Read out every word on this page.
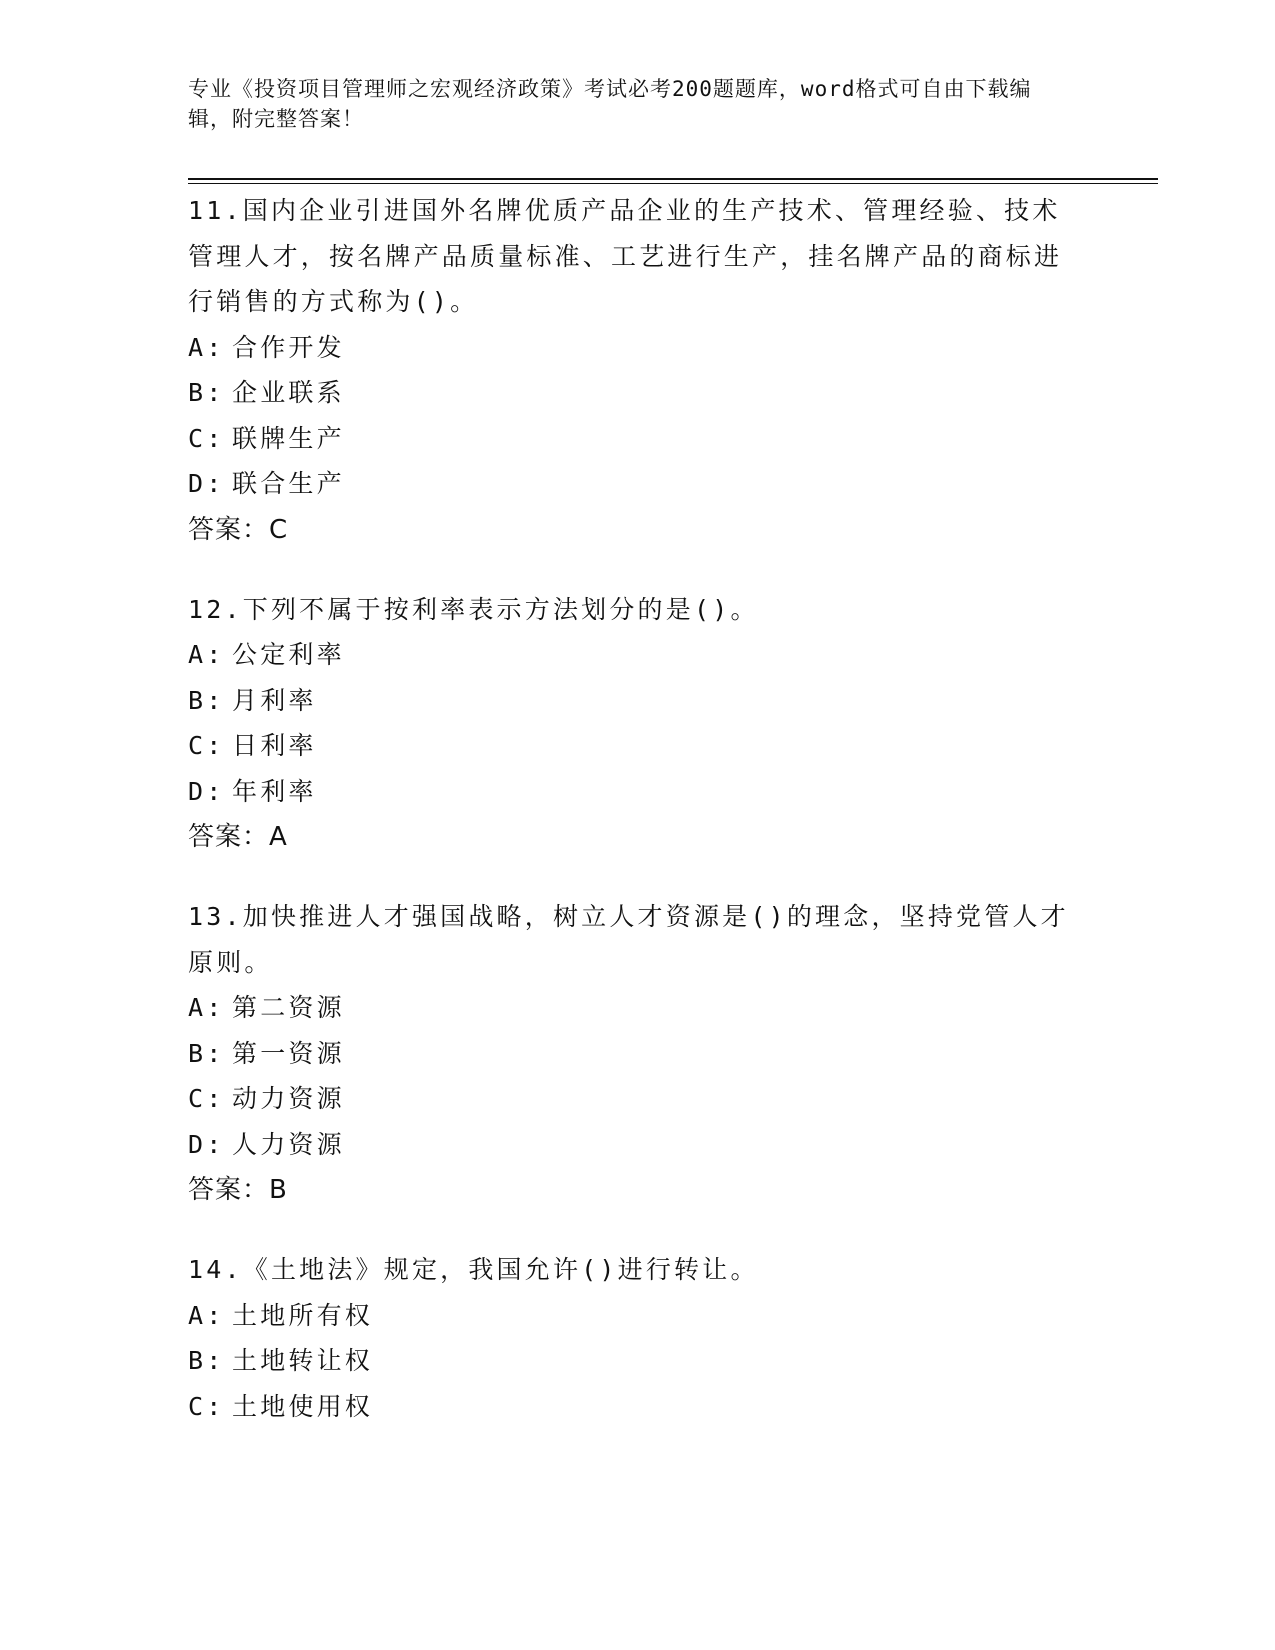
专业《投资项目管理师之宏观经济政策》考试必考200题题库，word格式可自由下载编辑，附完整答案！
11.国内企业引进国外名牌优质产品企业的生产技术、管理经验、技术管理人才，按名牌产品质量标准、工艺进行生产，挂名牌产品的商标进行销售的方式称为()。
A: 合作开发
B: 企业联系
C: 联牌生产
D: 联合生产
答案：C
12.下列不属于按利率表示方法划分的是()。
A: 公定利率
B: 月利率
C: 日利率
D: 年利率
答案：A
13.加快推进人才强国战略，树立人才资源是()的理念，坚持党管人才原则。
A: 第二资源
B: 第一资源
C: 动力资源
D: 人力资源
答案：B
14.《土地法》规定，我国允许()进行转让。
A: 土地所有权
B: 土地转让权
C: 土地使用权
